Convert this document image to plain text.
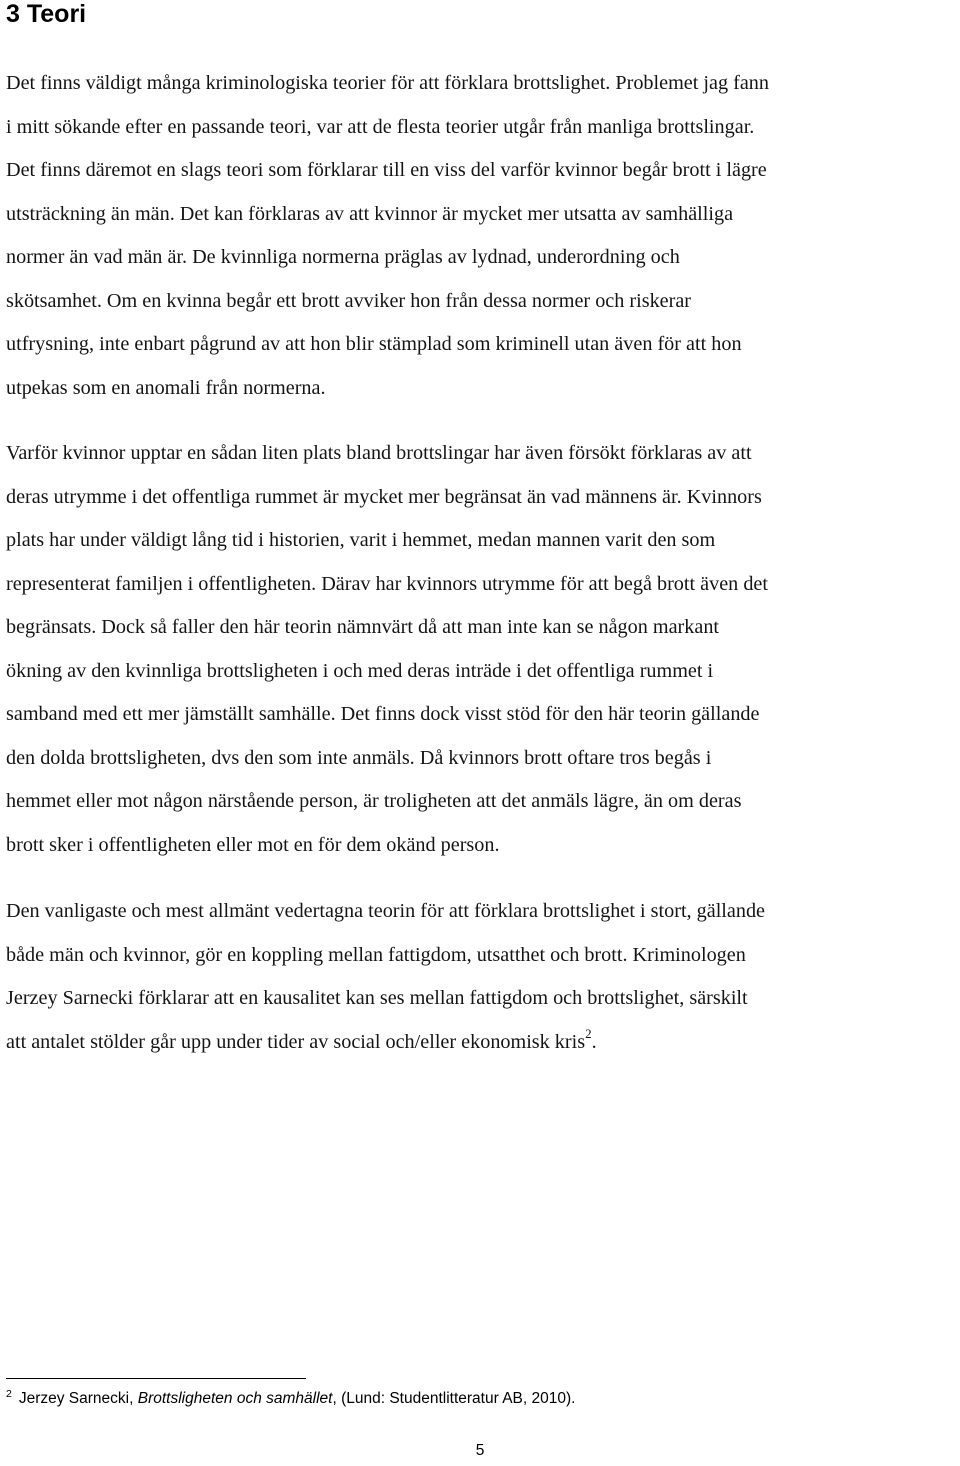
3 Teori

Det finns väldigt många kriminologiska teorier för att förklara brottslighet. Problemet jag fann
i mitt sökande efter en passande teori, var att de flesta teorier utgår från manliga brottslingar.
Det finns däremot en slags teori som förklarar till en viss del varför kvinnor begår brott i lägre
utsträckning än män. Det kan förklaras av att kvinnor är mycket mer utsatta av samhälliga
normer än vad män är. De kvinnliga normerna präglas av lydnad, underordning och
skötsamhet. Om en kvinna begår ett brott avviker hon från dessa normer och riskerar
utfrysning, inte enbart pågrund av att hon blir stämplad som kriminell utan även för att hon
utpekas som en anomali från normerna.

Varför kvinnor upptar en sådan liten plats bland brottslingar har även försökt förklaras av att
deras utrymme i det offentliga rummet är mycket mer begränsat än vad männens är. Kvinnors
plats har under väldigt lång tid i historien, varit i hemmet, medan mannen varit den som
representerat familjen i offentligheten. Därav har kvinnors utrymme för att begå brott även det
begränsats. Dock så faller den här teorin nämnvärt då att man inte kan se någon markant
ökning av den kvinnliga brottsligheten i och med deras inträde i det offentliga rummet i
samband med ett mer jämställt samhälle. Det finns dock visst stöd för den här teorin gällande
den dolda brottsligheten, dvs den som inte anmäls. Då kvinnors brott oftare tros begås i
hemmet eller mot någon närstående person, är troligheten att det anmäls lägre, än om deras
brott sker i offentligheten eller mot en för dem okänd person.

Den vanligaste och mest allmänt vedertagna teorin för att förklara brottslighet i stort, gällande
både män och kvinnor, gör en koppling mellan fattigdom, utsatthet och brott. Kriminologen
Jerzey Sarnecki förklarar att en kausalitet kan ses mellan fattigdom och brottslighet, särskilt
att antalet stölder går upp under tider av social och/eller ekonomisk kris$^2$.

$^2$ Jerzey Sarnecki, Brottsligheten och samhället, (Lund: Studentlitteratur AB, 2010).

5
